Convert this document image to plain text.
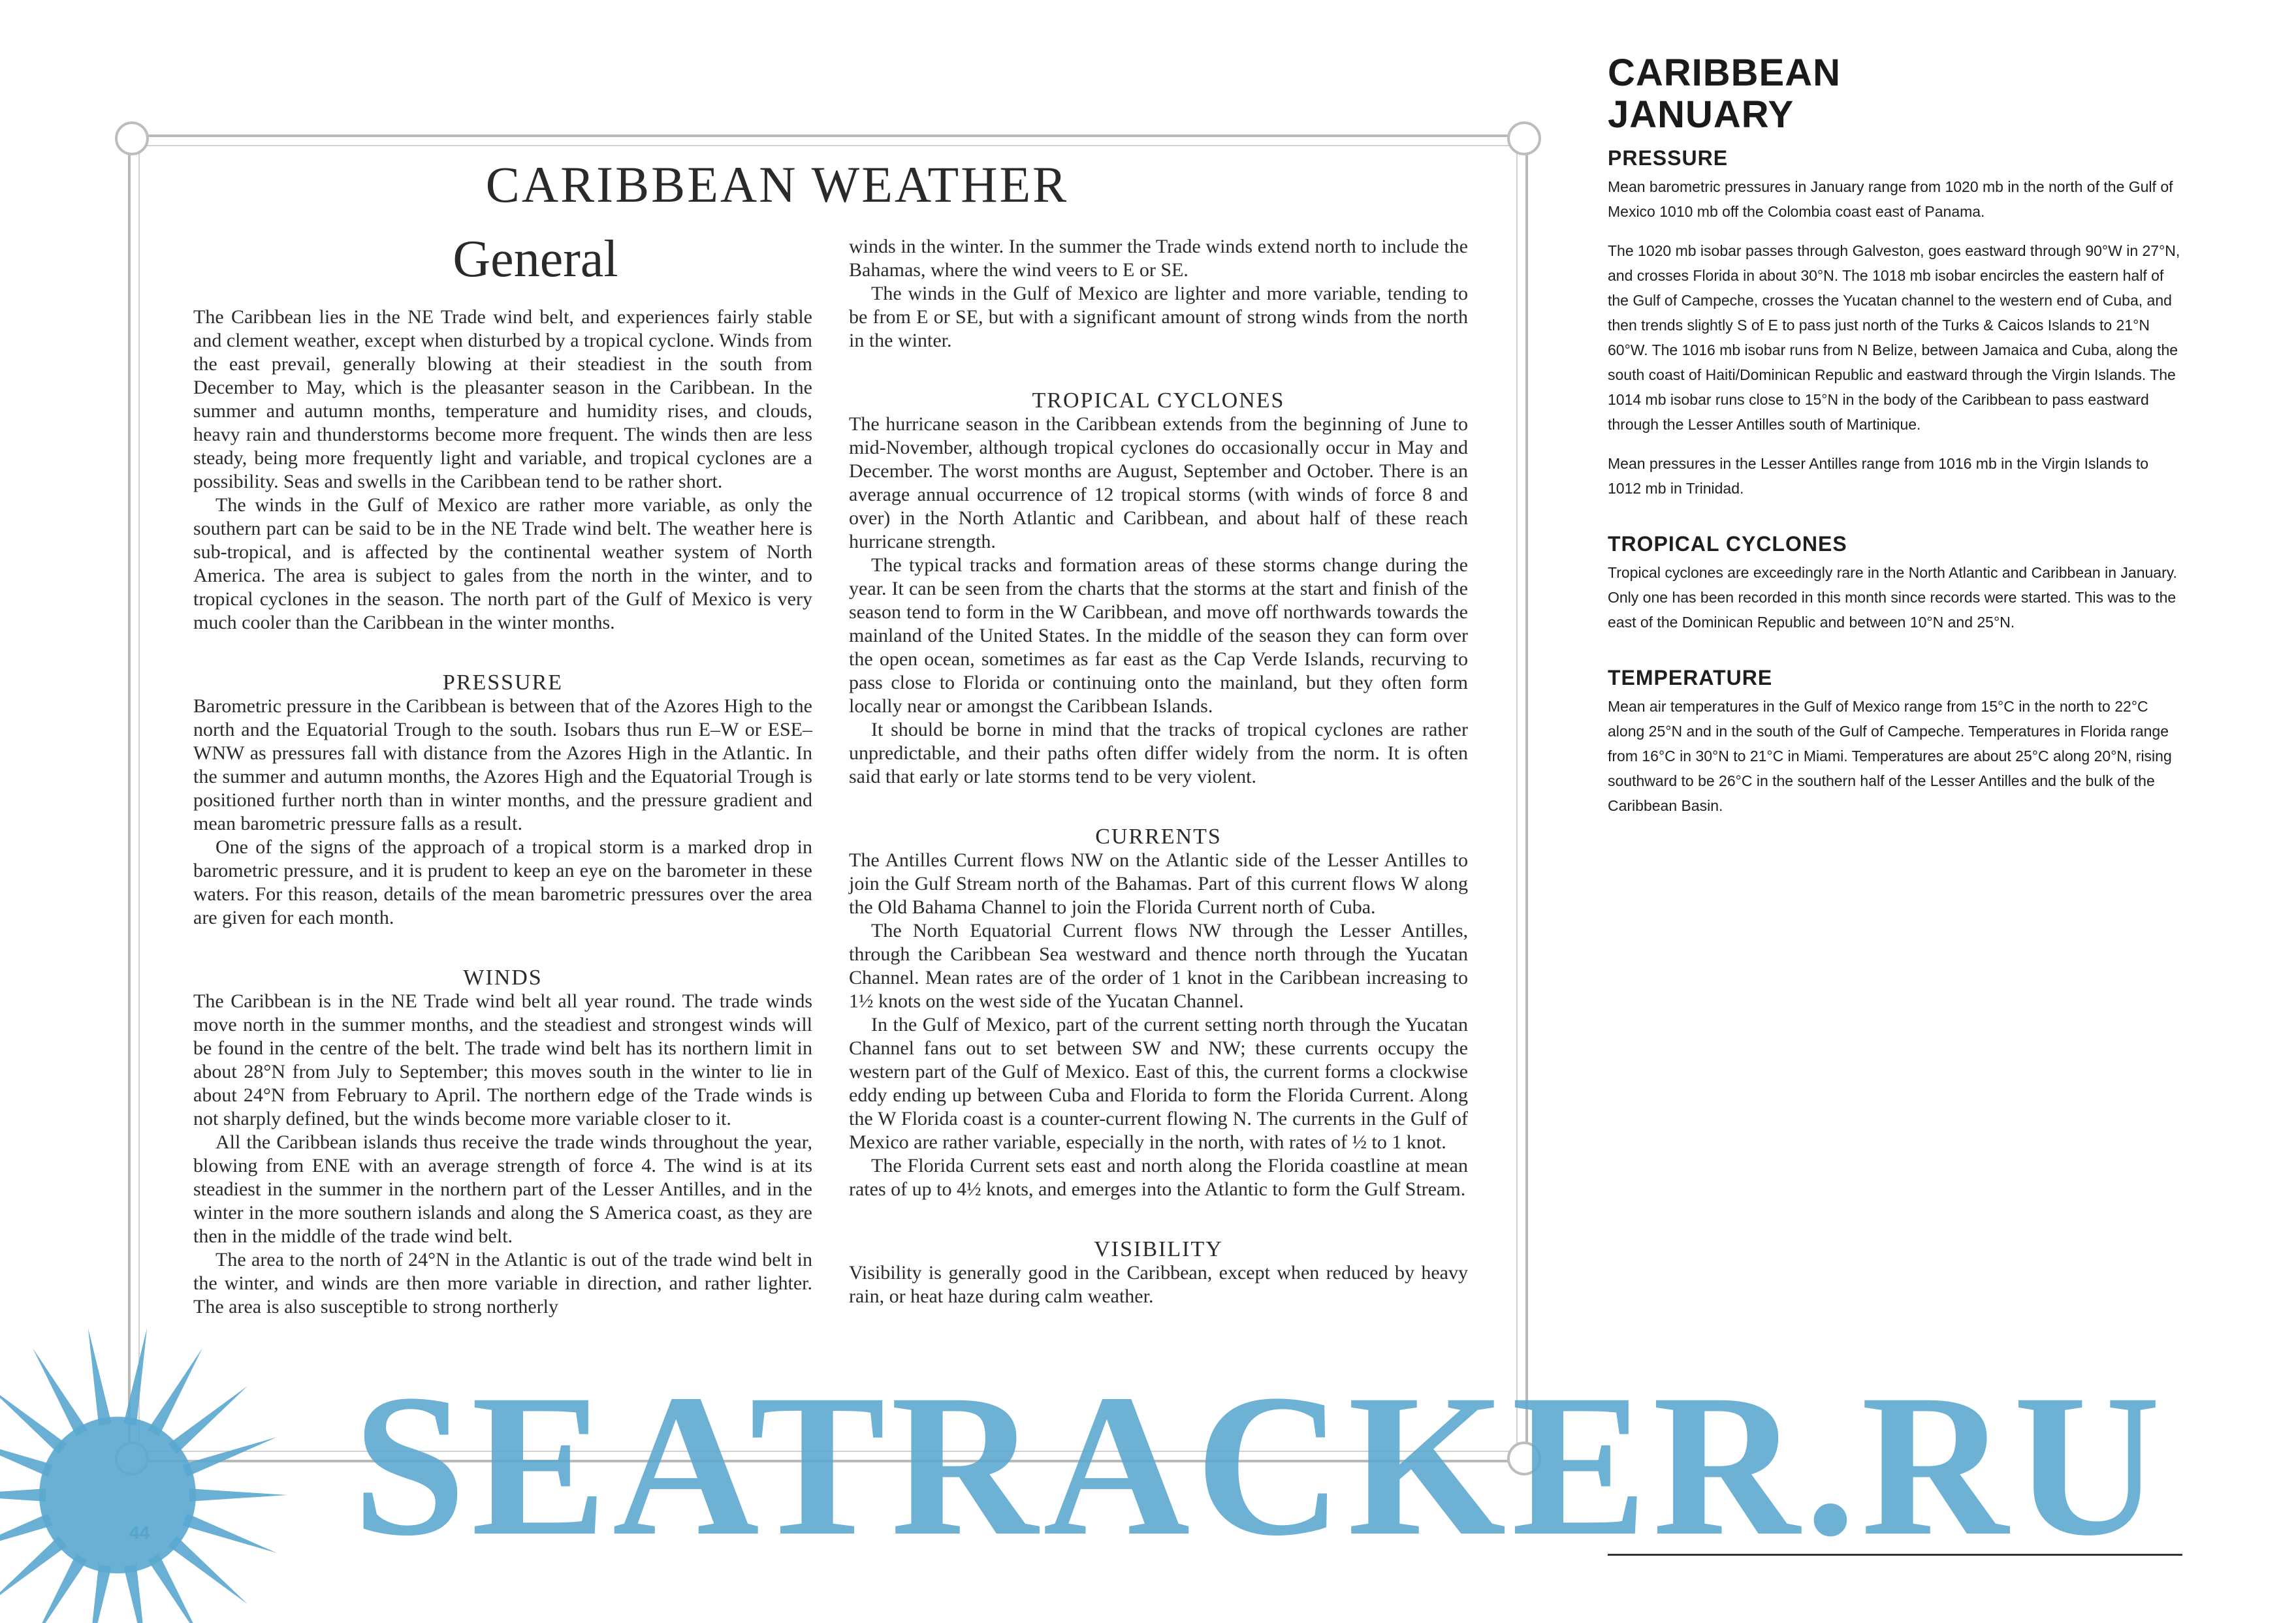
CARIBBEAN WEATHER
General

The Caribbean lies in the NE Trade wind belt, and experiences fairly stable and clement weather, except when disturbed by a tropical cyclone. Winds from the east prevail, generally blowing at their steadiest in the south from December to May, which is the pleasanter season in the Caribbean. In the summer and autumn months, temperature and humidity rises, and clouds, heavy rain and thunderstorms become more frequent. The winds then are less steady, being more frequently light and variable, and tropical cyclones are a possibility. Seas and swells in the Caribbean tend to be rather short.

The winds in the Gulf of Mexico are rather more variable, as only the southern part can be said to be in the NE Trade wind belt. The weather here is sub-tropical, and is affected by the continental weather system of North America. The area is subject to gales from the north in the winter, and to tropical cyclones in the season. The north part of the Gulf of Mexico is very much cooler than the Caribbean in the winter months.

PRESSURE

Barometric pressure in the Caribbean is between that of the Azores High to the north and the Equatorial Trough to the south. Isobars thus run E–W or ESE–WNW as pressures fall with distance from the Azores High in the Atlantic. In the summer and autumn months, the Azores High and the Equatorial Trough is positioned further north than in winter months, and the pressure gradient and mean barometric pressure falls as a result.

One of the signs of the approach of a tropical storm is a marked drop in barometric pressure, and it is prudent to keep an eye on the barometer in these waters. For this reason, details of the mean barometric pressures over the area are given for each month.

WINDS

The Caribbean is in the NE Trade wind belt all year round. The trade winds move north in the summer months, and the steadiest and strongest winds will be found in the centre of the belt. The trade wind belt has its northern limit in about 28°N from July to September; this moves south in the winter to lie in about 24°N from February to April. The northern edge of the Trade winds is not sharply defined, but the winds become more variable closer to it.

All the Caribbean islands thus receive the trade winds throughout the year, blowing from ENE with an average strength of force 4. The wind is at its steadiest in the summer in the northern part of the Lesser Antilles, and in the winter in the more southern islands and along the S America coast, as they are then in the middle of the trade wind belt.

The area to the north of 24°N in the Atlantic is out of the trade wind belt in the winter, and winds are then more variable in direction, and rather lighter. The area is also susceptible to strong northerly

winds in the winter. In the summer the Trade winds extend north to include the Bahamas, where the wind veers to E or SE.

The winds in the Gulf of Mexico are lighter and more variable, tending to be from E or SE, but with a significant amount of strong winds from the north in the winter.

TROPICAL CYCLONES

The hurricane season in the Caribbean extends from the beginning of June to mid-November, although tropical cyclones do occasionally occur in May and December. The worst months are August, September and October. There is an average annual occurrence of 12 tropical storms (with winds of force 8 and over) in the North Atlantic and Caribbean, and about half of these reach hurricane strength.

The typical tracks and formation areas of these storms change during the year. It can be seen from the charts that the storms at the start and finish of the season tend to form in the W Caribbean, and move off northwards towards the mainland of the United States. In the middle of the season they can form over the open ocean, sometimes as far east as the Cap Verde Islands, recurving to pass close to Florida or continuing onto the mainland, but they often form locally near or amongst the Caribbean Islands.

It should be borne in mind that the tracks of tropical cyclones are rather unpredictable, and their paths often differ widely from the norm. It is often said that early or late storms tend to be very violent.

CURRENTS

The Antilles Current flows NW on the Atlantic side of the Lesser Antilles to join the Gulf Stream north of the Bahamas. Part of this current flows W along the Old Bahama Channel to join the Florida Current north of Cuba.

The North Equatorial Current flows NW through the Lesser Antilles, through the Caribbean Sea westward and thence north through the Yucatan Channel. Mean rates are of the order of 1 knot in the Caribbean increasing to 1½ knots on the west side of the Yucatan Channel.

In the Gulf of Mexico, part of the current setting north through the Yucatan Channel fans out to set between SW and NW; these currents occupy the western part of the Gulf of Mexico. East of this, the current forms a clockwise eddy ending up between Cuba and Florida to form the Florida Current. Along the W Florida coast is a counter-current flowing N. The currents in the Gulf of Mexico are rather variable, especially in the north, with rates of ½ to 1 knot.

The Florida Current sets east and north along the Florida coastline at mean rates of up to 4½ knots, and emerges into the Atlantic to form the Gulf Stream.

VISIBILITY

Visibility is generally good in the Caribbean, except when reduced by heavy rain, or heat haze during calm weather.

CARIBBEAN
JANUARY
PRESSURE

Mean barometric pressures in January range from 1020 mb in the north of the Gulf of Mexico 1010 mb off the Colombia coast east of Panama.

The 1020 mb isobar passes through Galveston, goes eastward through 90°W in 27°N, and crosses Florida in about 30°N. The 1018 mb isobar encircles the eastern half of the Gulf of Campeche, crosses the Yucatan channel to the western end of Cuba, and then trends slightly S of E to pass just north of the Turks & Caicos Islands to 21°N 60°W. The 1016 mb isobar runs from N Belize, between Jamaica and Cuba, along the south coast of Haiti/Dominican Republic and eastward through the Virgin Islands. The 1014 mb isobar runs close to 15°N in the body of the Caribbean to pass eastward through the Lesser Antilles south of Martinique.

Mean pressures in the Lesser Antilles range from 1016 mb in the Virgin Islands to 1012 mb in Trinidad.

TROPICAL CYCLONES

Tropical cyclones are exceedingly rare in the North Atlantic and Caribbean in January. Only one has been recorded in this month since records were started. This was to the east of the Dominican Republic and between 10°N and 25°N.

TEMPERATURE

Mean air temperatures in the Gulf of Mexico range from 15°C in the north to 22°C along 25°N and in the south of the Gulf of Campeche. Temperatures in Florida range from 16°C in 30°N to 21°C in Miami. Temperatures are about 25°C along 20°N, rising southward to be 26°C in the southern half of the Lesser Antilles and the bulk of the Caribbean Basin.

SEATRACKER.RU
